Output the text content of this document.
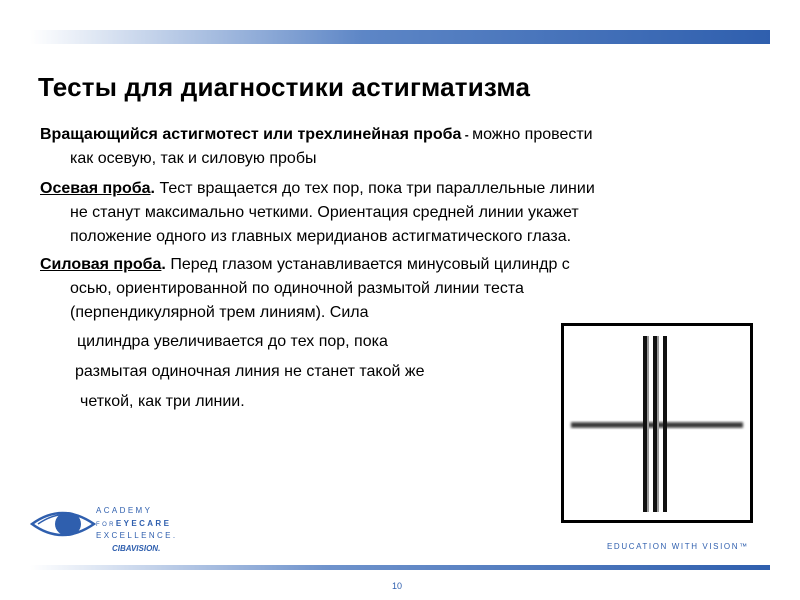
Тесты для диагностики астигматизма
Вращающийся астигмотест или трехлинейная проба - можно провести
как осевую, так и силовую пробы
Осевая проба. Тест вращается до тех пор, пока три параллельные линии
не станут максимально четкими. Ориентация средней линии укажет
положение одного из главных меридианов астигматического глаза.
Силовая проба. Перед глазом устанавливается минусовый цилиндр с
осью, ориентированной по одиночной размытой линии теста
(перпендикулярной трем линиям). Сила
цилиндра увеличивается до тех пор, пока
размытая одиночная линия не станет такой же
четкой, как три линии.
ACADEMY
FOREYECARE
EXCELLENCE.
CIBAVISION.	EDUCATION WITH VISION™
10
